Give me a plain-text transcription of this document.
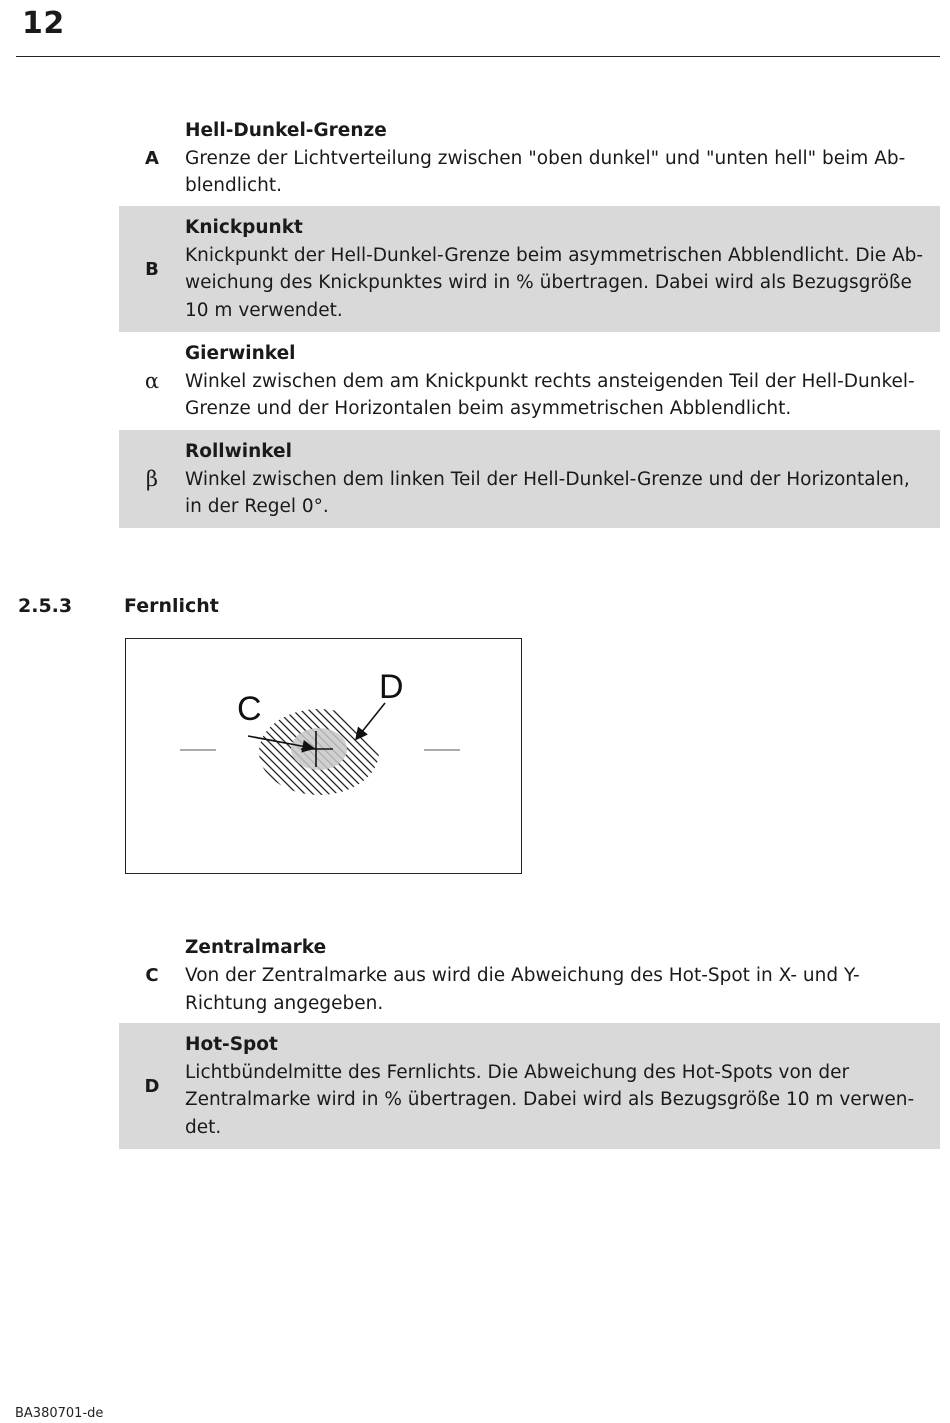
12
A
Hell-Dunkel-Grenze
Grenze der Lichtverteilung zwischen "oben dunkel" und "unten hell" beim Ab-blendlicht.
B
Knickpunkt
Knickpunkt der Hell-Dunkel-Grenze beim asymmetrischen Abblendlicht. Die Ab-weichung des Knickpunktes wird in % übertragen. Dabei wird als Bezugsgröße 10 m verwendet.
α
Gierwinkel
Winkel zwischen dem am Knickpunkt rechts ansteigenden Teil der Hell-Dunkel-Grenze und der Horizontalen beim asymmetrischen Abblendlicht.
β
Rollwinkel
Winkel zwischen dem linken Teil der Hell-Dunkel-Grenze und der Horizontalen, in der Regel 0°.
2.5.3	Fernlicht
C
D
C
Zentralmarke
Von der Zentralmarke aus wird die Abweichung des Hot-Spot in X- und Y-Richtung angegeben.
D
Hot-Spot
Lichtbündelmitte des Fernlichts. Die Abweichung des Hot-Spots von der Zentralmarke wird in % übertragen. Dabei wird als Bezugsgröße 10 m verwen-det.
BA380701-de
